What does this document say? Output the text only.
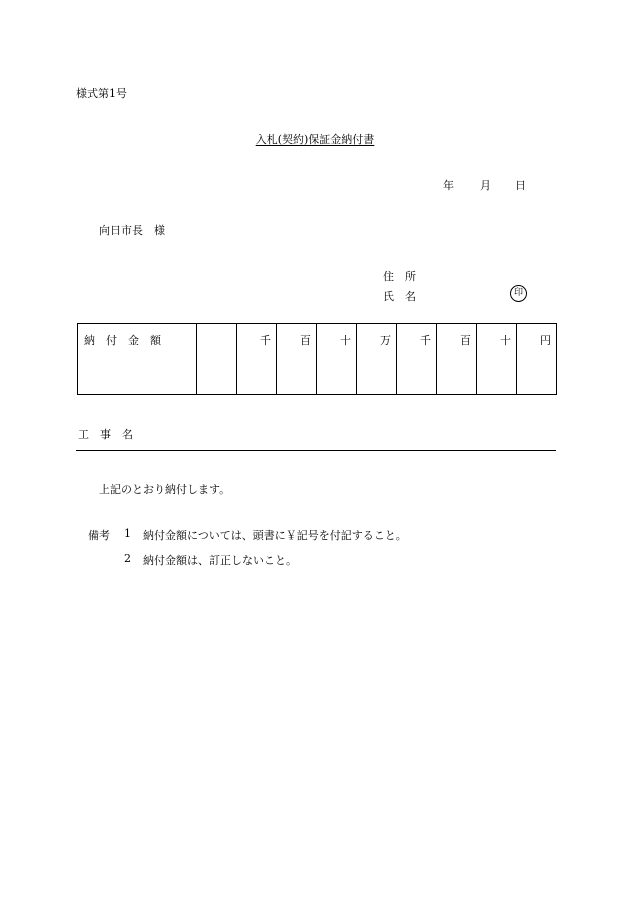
様式第1号
入札(契約)保証金納付書
年 月 日
向日市長　様
住　所
氏　名	印
納　付　金　額		千	百	十	万	千	百	十	円
工　事　名
上記のとおり納付します。
備考 1 納付金額については、頭書に￥記号を付記すること。
2 納付金額は、訂正しないこと。
